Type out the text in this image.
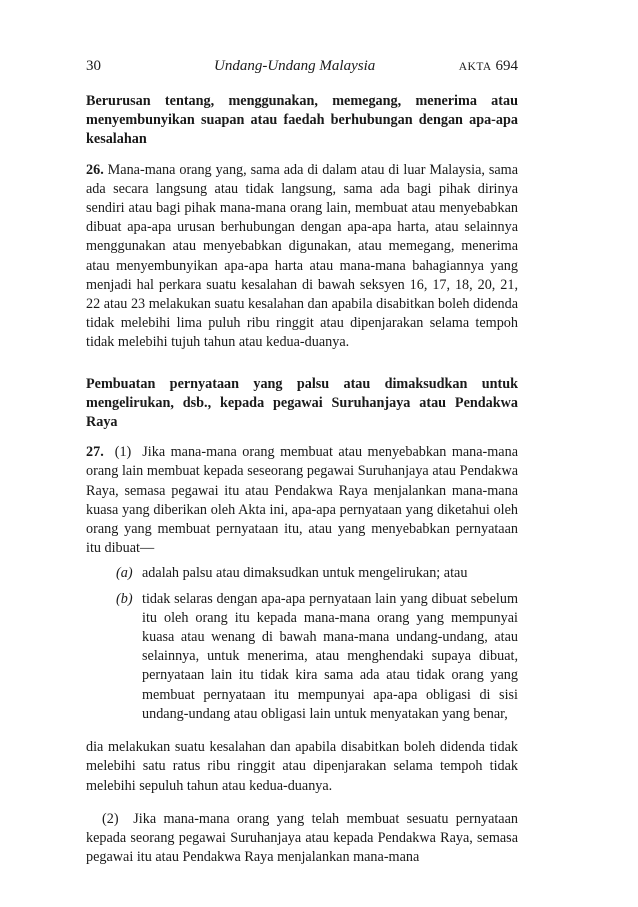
30	Undang-Undang Malaysia	AKTA 694
Berurusan tentang, menggunakan, memegang, menerima atau menyembunyikan suapan atau faedah berhubungan dengan apa-apa kesalahan
26. Mana-mana orang yang, sama ada di dalam atau di luar Malaysia, sama ada secara langsung atau tidak langsung, sama ada bagi pihak dirinya sendiri atau bagi pihak mana-mana orang lain, membuat atau menyebabkan dibuat apa-apa urusan berhubungan dengan apa-apa harta, atau selainnya menggunakan atau menyebabkan digunakan, atau memegang, menerima atau menyembunyikan apa-apa harta atau mana-mana bahagiannya yang menjadi hal perkara suatu kesalahan di bawah seksyen 16, 17, 18, 20, 21, 22 atau 23 melakukan suatu kesalahan dan apabila disabitkan boleh didenda tidak melebihi lima puluh ribu ringgit atau dipenjarakan selama tempoh tidak melebihi tujuh tahun atau kedua-duanya.
Pembuatan pernyataan yang palsu atau dimaksudkan untuk mengelirukan, dsb., kepada pegawai Suruhanjaya atau Pendakwa Raya
27. (1) Jika mana-mana orang membuat atau menyebabkan mana-mana orang lain membuat kepada seseorang pegawai Suruhanjaya atau Pendakwa Raya, semasa pegawai itu atau Pendakwa Raya menjalankan mana-mana kuasa yang diberikan oleh Akta ini, apa-apa pernyataan yang diketahui oleh orang yang membuat pernyataan itu, atau yang menyebabkan pernyataan itu dibuat—
(a) adalah palsu atau dimaksudkan untuk mengelirukan; atau
(b) tidak selaras dengan apa-apa pernyataan lain yang dibuat sebelum itu oleh orang itu kepada mana-mana orang yang mempunyai kuasa atau wenang di bawah mana-mana undang-undang, atau selainnya, untuk menerima, atau menghendaki supaya dibuat, pernyataan lain itu tidak kira sama ada atau tidak orang yang membuat pernyataan itu mempunyai apa-apa obligasi di sisi undang-undang atau obligasi lain untuk menyatakan yang benar,
dia melakukan suatu kesalahan dan apabila disabitkan boleh didenda tidak melebihi satu ratus ribu ringgit atau dipenjarakan selama tempoh tidak melebihi sepuluh tahun atau kedua-duanya.
(2) Jika mana-mana orang yang telah membuat sesuatu pernyataan kepada seorang pegawai Suruhanjaya atau kepada Pendakwa Raya, semasa pegawai itu atau Pendakwa Raya menjalankan mana-mana
